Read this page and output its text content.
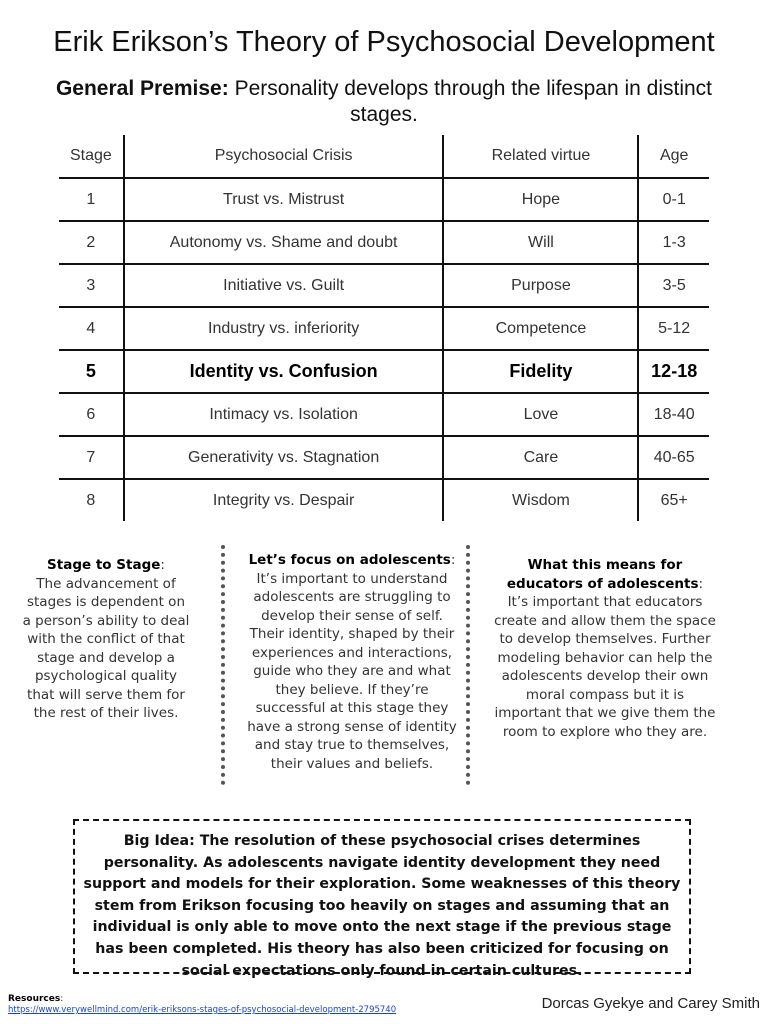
Erik Erikson’s Theory of Psychosocial Development
General Premise: Personality develops through the lifespan in distinct stages.
Stage	Psychosocial Crisis	Related virtue	Age
1	Trust vs. Mistrust	Hope	0-1
2	Autonomy vs. Shame and doubt	Will	1-3
3	Initiative vs. Guilt	Purpose	3-5
4	Industry vs. inferiority	Competence	5-12
5	Identity vs. Confusion	Fidelity	12-18
6	Intimacy vs. Isolation	Love	18-40
7	Generativity vs. Stagnation	Care	40-65
8	Integrity vs. Despair	Wisdom	65+
Stage to Stage:
The advancement of stages is dependent on a person’s ability to deal with the conflict of that stage and develop a psychological quality that will serve them for the rest of their lives.
Let’s focus on adolescents:
It’s important to understand adolescents are struggling to develop their sense of self. Their identity, shaped by their experiences and interactions, guide who they are and what they believe. If they’re successful at this stage they have a strong sense of identity and stay true to themselves, their values and beliefs.
What this means for educators of adolescents:
It’s important that educators create and allow them the space to develop themselves. Further modeling behavior can help the adolescents develop their own moral compass but it is important that we give them the room to explore who they are.
Big Idea: The resolution of these psychosocial crises determines personality. As adolescents navigate identity development they need support and models for their exploration. Some weaknesses of this theory stem from Erikson focusing too heavily on stages and assuming that an individual is only able to move onto the next stage if the previous stage has been completed. His theory has also been criticized for focusing on social expectations only found in certain cultures.
Resources:
https://www.verywellmind.com/erik-eriksons-stages-of-psychosocial-development-2795740	Dorcas Gyekye and Carey Smith
